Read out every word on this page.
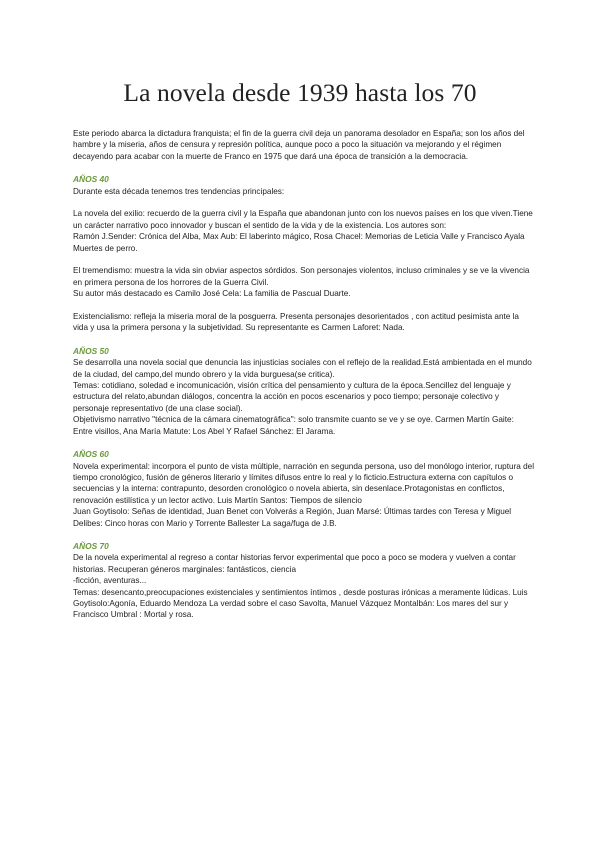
La novela desde 1939 hasta los 70

Este periodo abarca la dictadura franquista; el fin de la guerra civil deja un panorama desolador en España; son los años del hambre y la miseria, años de censura y represión política, aunque poco a poco la situación va mejorando y el régimen decayendo para acabar con la muerte de Franco en 1975 que dará una época de transición a la democracia.

AÑOS 40

Durante esta década tenemos tres tendencias principales:

La novela del exilio: recuerdo de la guerra civil y la España que abandonan junto con los nuevos países en los que viven.Tiene un carácter narrativo poco innovador y buscan el sentido de la vida y de la existencia. Los autores son:

Ramón J.Sender: Crónica del Alba, Max Aub: El laberinto mágico, Rosa Chacel: Memorias de Leticia Valle y Francisco Ayala Muertes de perro.

El tremendismo: muestra la vida sin obviar aspectos sórdidos. Son personajes violentos, incluso criminales y se ve la vivencia en primera persona de los horrores de la Guerra Civil.

Su autor más destacado es Camilo José Cela: La familia de Pascual Duarte.

Existencialismo: refleja la miseria moral de la posguerra. Presenta personajes desorientados , con actitud pesimista ante la vida y usa la primera persona y la subjetividad. Su representante es Carmen Laforet: Nada.

AÑOS 50

Se desarrolla una novela social que denuncia las injusticias sociales con el reflejo de la realidad.Está ambientada en el mundo de la ciudad, del campo,del mundo obrero y la vida burguesa(se critica).

Temas: cotidiano, soledad e incomunicación, visión crítica del pensamiento y cultura de la época.Sencillez del lenguaje y estructura del relato,abundan diálogos, concentra la acción en pocos escenarios y poco tiempo; personaje colectivo y personaje representativo (de una clase social).

Objetivismo narrativo "técnica de la cámara cinematográfica": solo transmite cuanto se ve y se oye. Carmen Martín Gaite: Entre visillos, Ana María Matute: Los Abel Y Rafael Sánchez: El Jarama.

AÑOS 60

Novela experimental: incorpora el punto de vista múltiple, narración en segunda persona, uso del monólogo interior, ruptura del tiempo cronológico, fusión de géneros literario y límites difusos entre lo real y lo ficticio.Estructura externa con capítulos o secuencias y la interna: contrapunto, desorden cronológico o novela abierta, sin desenlace.Protagonistas en conflictos, renovación estilística y un lector activo. Luis Martín Santos: Tiempos de silencio

Juan Goytisolo: Señas de identidad, Juan Benet con Volverás a Región, Juan Marsé: Últimas tardes con Teresa y Miguel Delibes: Cinco horas con Mario y Torrente Ballester La saga/fuga de J.B.

AÑOS 70

De la novela experimental al regreso a contar historias fervor experimental que poco a poco se modera y vuelven a contar historias. Recuperan géneros marginales: fantásticos, ciencia

-ficción, aventuras...

Temas: desencanto,preocupaciones existenciales y sentimientos íntimos , desde posturas irónicas a meramente lúdicas. Luis Goytisolo:Agonía, Eduardo Mendoza La verdad sobre el caso Savolta, Manuel Vázquez Montalbán: Los mares del sur y Francisco Umbral : Mortal y rosa.
